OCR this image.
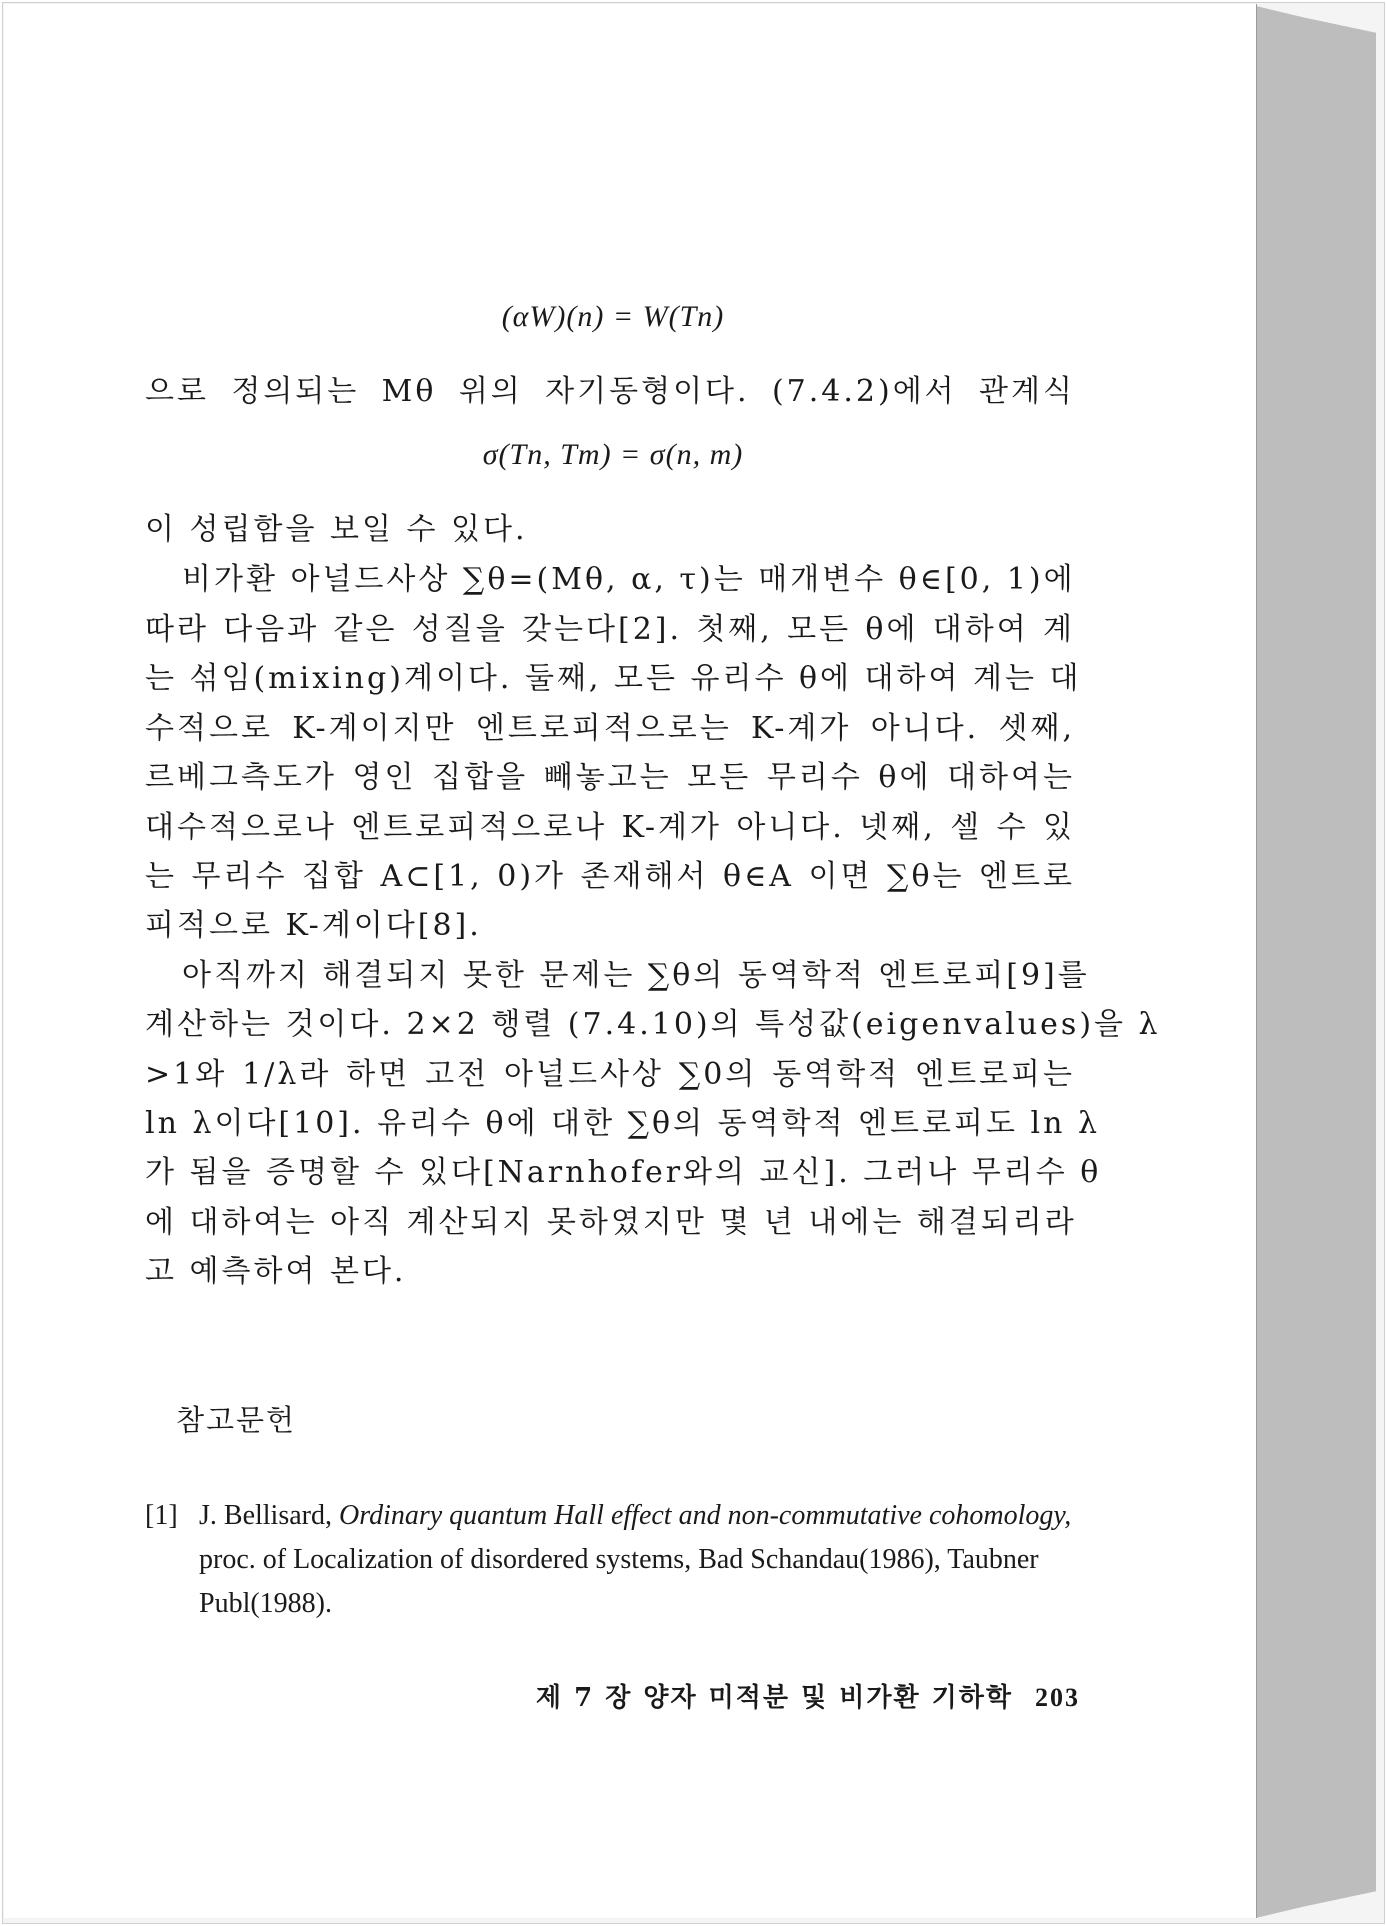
(αW)(n) = W(Tn)
으로 정의되는 Mθ 위의 자기동형이다. (7.4.2)에서 관계식
σ(Tn, Tm) = σ(n, m)
이 성립함을 보일 수 있다.
비가환 아널드사상 ∑θ=(Mθ, α, τ)는 매개변수 θ∈[0, 1)에
따라 다음과 같은 성질을 갖는다[2]. 첫째, 모든 θ에 대하여 계
는 섞임(mixing)계이다. 둘째, 모든 유리수 θ에 대하여 계는 대
수적으로 K-계이지만 엔트로피적으로는 K-계가 아니다. 셋째,
르베그측도가 영인 집합을 빼놓고는 모든 무리수 θ에 대하여는
대수적으로나 엔트로피적으로나 K-계가 아니다. 넷째, 셀 수 있
는 무리수 집합 A⊂[1, 0)가 존재해서 θ∈A 이면 ∑θ는 엔트로
피적으로 K-계이다[8].
아직까지 해결되지 못한 문제는 ∑θ의 동역학적 엔트로피[9]를
계산하는 것이다. 2×2 행렬 (7.4.10)의 특성값(eigenvalues)을 λ
>1와 1/λ라 하면 고전 아널드사상 ∑0의 동역학적 엔트로피는
ln λ이다[10]. 유리수 θ에 대한 ∑θ의 동역학적 엔트로피도 ln λ
가 됨을 증명할 수 있다[Narnhofer와의 교신]. 그러나 무리수 θ
에 대하여는 아직 계산되지 못하였지만 몇 년 내에는 해결되리라
고 예측하여 본다.
참고문헌
[1] J. Bellisard, Ordinary quantum Hall effect and non-commutative cohomology, proc. of Localization of disordered systems, Bad Schandau(1986), Taubner Publ(1988).
제 7 장 양자 미적분 및 비가환 기하학 203
